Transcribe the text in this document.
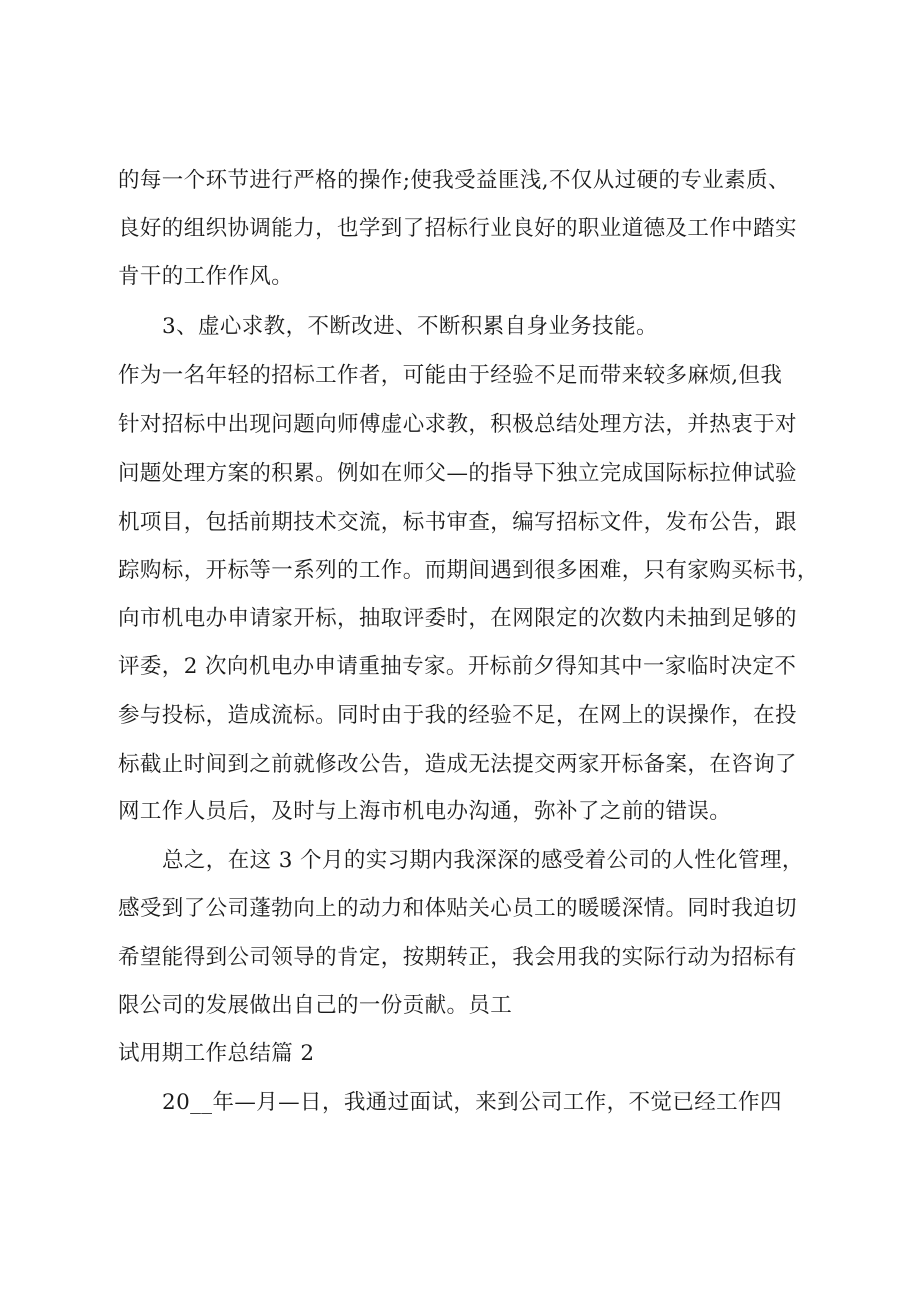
的每一个环节进行严格的操作;使我受益匪浅,不仅从过硬的专业素质、
良好的组织协调能力，也学到了招标行业良好的职业道德及工作中踏实
肯干的工作作风。
3、虚心求教，不断改进、不断积累自身业务技能。
作为一名年轻的招标工作者，可能由于经验不足而带来较多麻烦,但我
针对招标中出现问题向师傅虚心求教，积极总结处理方法，并热衷于对
问题处理方案的积累。例如在师父—的指导下独立完成国际标拉伸试验
机项目，包括前期技术交流，标书审查，编写招标文件，发布公告，跟
踪购标，开标等一系列的工作。而期间遇到很多困难，只有家购买标书，
向市机电办申请家开标，抽取评委时，在网限定的次数内未抽到足够的
评委，2 次向机电办申请重抽专家。开标前夕得知其中一家临时决定不
参与投标，造成流标。同时由于我的经验不足，在网上的误操作，在投
标截止时间到之前就修改公告，造成无法提交两家开标备案，在咨询了
网工作人员后，及时与上海市机电办沟通，弥补了之前的错误。
总之，在这 3 个月的实习期内我深深的感受着公司的人性化管理，
感受到了公司蓬勃向上的动力和体贴关心员工的暖暖深情。同时我迫切
希望能得到公司领导的肯定，按期转正，我会用我的实际行动为招标有
限公司的发展做出自己的一份贡献。员工
试用期工作总结篇 2
20__年—月—日，我通过面试，来到公司工作，不觉已经工作四
